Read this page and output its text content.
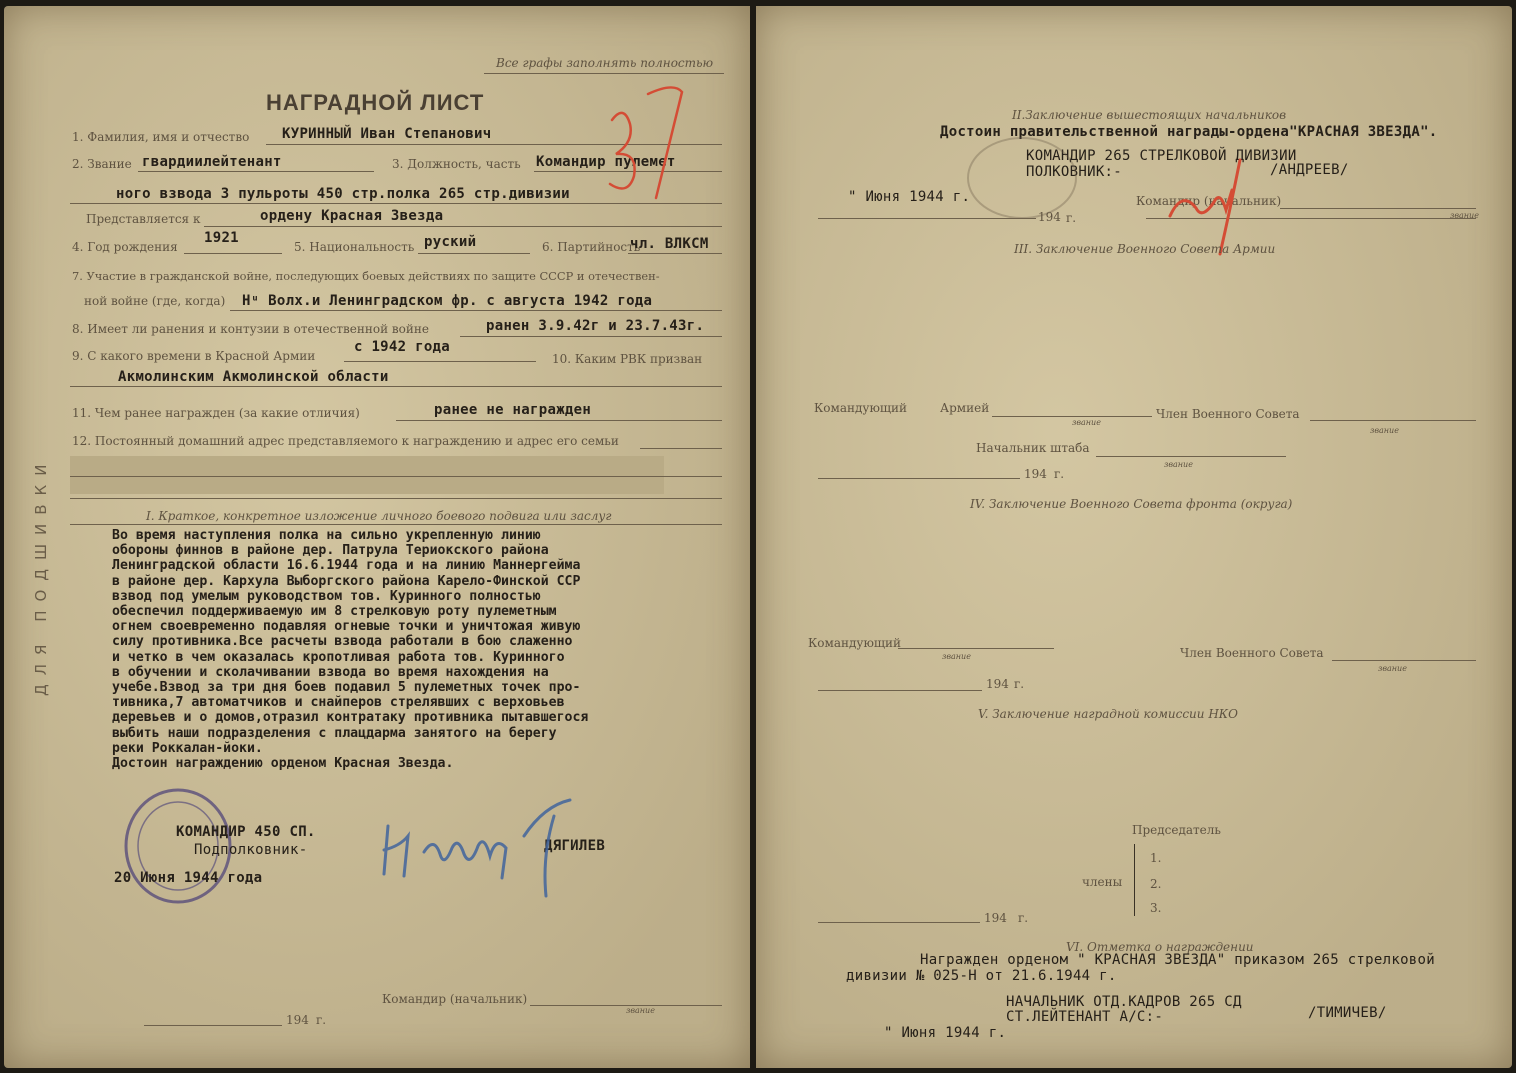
Все графы заполнять полностью
НАГРАДНОЙ ЛИСТ
1. Фамилия, имя и отчество КУРИННЫЙ Иван Степанович
2. Звание гвардиилейтенант	3. Должность, часть Командир пулемет
ного взвода 3 пульроты 450 стр.полка 265 стр.дивизии
Представляется к	ордену Красная Звезда
4. Год рождения
1921
5. Национальность руский	6. Партийность
чл. ВЛКСМ
7. Участие в гражданской войне, последующих боевых действиях по защите СССР и отечествен-
ной войне (где, когда) Нᵘ Волх.и Ленинградском фр. с августа 1942 года
8. Имеет ли ранения и контузии в отечественной войне	ранен 3.9.42г и 23.7.43г.
9. С какого времени в Красной Армии
с 1942 года
10. Каким РВК призван
Акмолинским Акмолинской области
11. Чем ранее награжден (за какие отличия)	ранее не награжден
12. Постоянный домашний адрес представляемого к награждению и адрес его семьи
I. Краткое, конкретное изложение личного боевого подвига или заслуг
Во время наступления полка на сильно укрепленную линию
обороны финнов в районе дер. Патрула Териокского района
Ленинградской области 16.6.1944 года и на линию Маннергейма
в районе дер. Кархула Выборгского района Карело-Финской ССР
взвод под умелым руководством тов. Куринного полностью
обеспечил поддерживаемую им 8 стрелковую роту пулеметным
огнем своевременно подавляя огневые точки и уничтожая живую
силу противника.Все расчеты взвода работали в бою слаженно
и четко в чем оказалась кропотливая работа тов. Куринного
в обучении и сколачивании взвода во время нахождения на
учебе.Взвод за три дня боев подавил 5 пулеметных точек про-
тивника,7 автоматчиков и снайперов стрелявших с верховьев
деревьев и о домов,отразил контратаку противника пытавшегося
выбить наши подразделения с плацдарма занятого на берегу
реки Роккалан-йоки.
Достоин награждению орденом Красная Звезда.
КОМАНДИР 450 СП.
Подполковник-	ДЯГИЛЕВ
20 Июня 1944 года
Командир (начальник)
звание
194 г.
ДЛЯ ПОДШИВКИ
II.Заключение вышестоящих начальников
Достоин правительственной награды-ордена"КРАСНАЯ ЗВЕЗДА".
КОМАНДИР 265 СТРЕЛКОВОЙ ДИВИЗИИ
ПОЛКОВНИК:-	/АНДРЕЕВ/
" Июня 1944 г.	Командир (начальник)
194 г.	звание
III. Заключение Военного Совета Армии
Командующий	Армией
звание
Член Военного Совета
звание
Начальник штаба
звание
194 г.
IV. Заключение Военного Совета фронта (округа)
Командующий
звание	Член Военного Совета
звание
194 г.
V. Заключение наградной комиссии НКО
Председатель
1.
члены 2.
3.
194 г.
VI. Отметка о награждении
Награжден орденом " КРАСНАЯ ЗВЕЗДА" приказом 265 стрелковой
дивизии № 025-Н от 21.6.1944 г.
НАЧАЛЬНИК ОТД.КАДРОВ 265 СД
СТ.ЛЕЙТЕНАНТ А/С:-	/ТИМИЧЕВ/
" Июня 1944 г.
